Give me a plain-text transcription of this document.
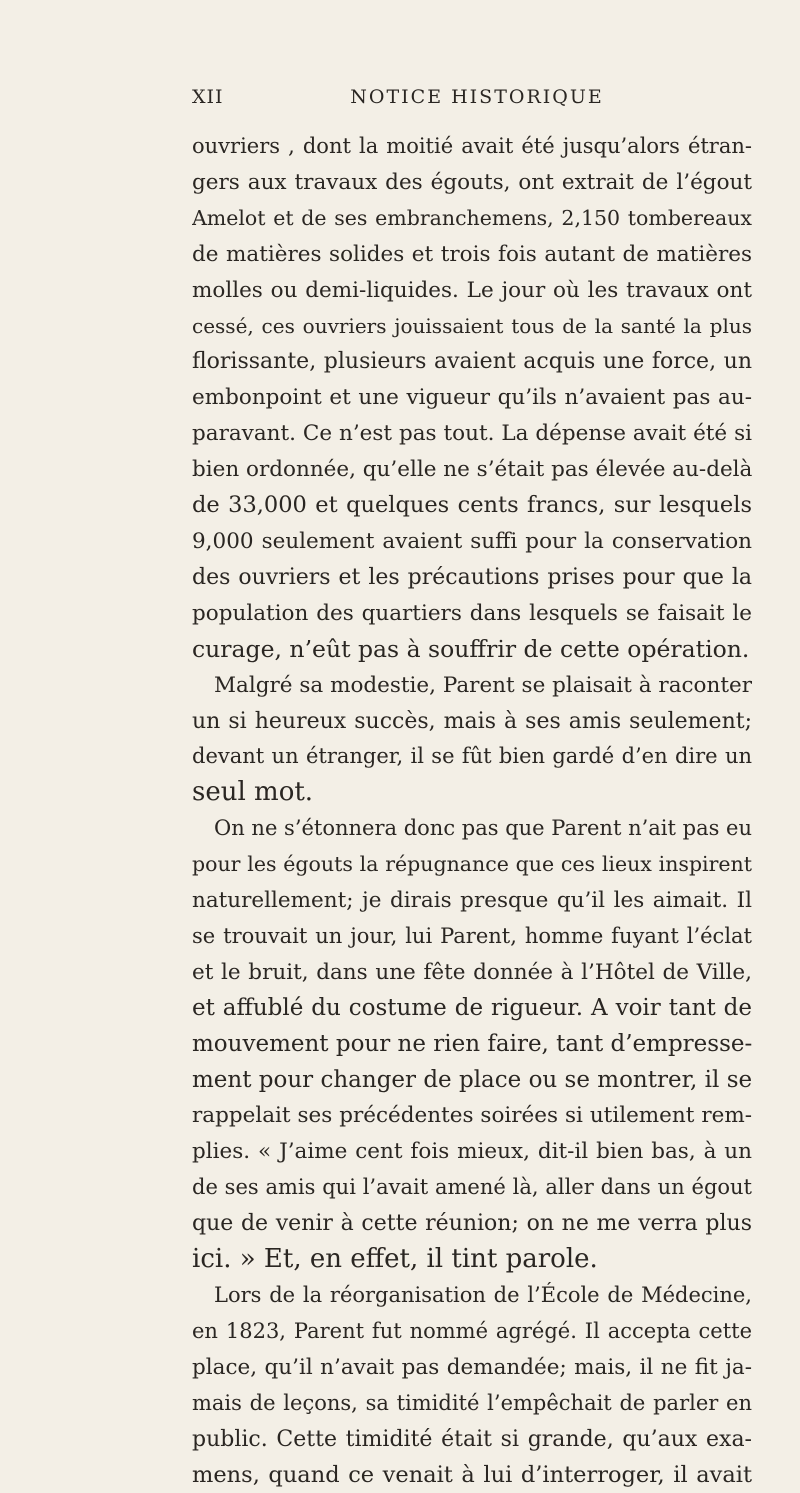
XII	NOTICE HISTORIQUE
ouvriers , dont la moitié avait été jusqu’alors étran-
gers aux travaux des égouts, ont extrait de l’égout
Amelot et de ses embranchemens, 2,150 tombereaux
de matières solides et trois fois autant de matières
molles ou demi-liquides. Le jour où les travaux ont
cessé, ces ouvriers jouissaient tous de la santé la plus
florissante, plusieurs avaient acquis une force, un
embonpoint et une vigueur qu’ils n’avaient pas au-
paravant. Ce n’est pas tout. La dépense avait été si
bien ordonnée, qu’elle ne s’était pas élevée au-delà
de 33,000 et quelques cents francs, sur lesquels
9,000 seulement avaient suffi pour la conservation
des ouvriers et les précautions prises pour que la
population des quartiers dans lesquels se faisait le
curage, n’eût pas à souffrir de cette opération.
Malgré sa modestie, Parent se plaisait à raconter
un si heureux succès, mais à ses amis seulement;
devant un étranger, il se fût bien gardé d’en dire un
seul mot.
On ne s’étonnera donc pas que Parent n’ait pas eu
pour les égouts la répugnance que ces lieux inspirent
naturellement; je dirais presque qu’il les aimait. Il
se trouvait un jour, lui Parent, homme fuyant l’éclat
et le bruit, dans une fête donnée à l’Hôtel de Ville,
et affublé du costume de rigueur. A voir tant de
mouvement pour ne rien faire, tant d’empresse-
ment pour changer de place ou se montrer, il se
rappelait ses précédentes soirées si utilement rem-
plies. « J’aime cent fois mieux, dit-il bien bas, à un
de ses amis qui l’avait amené là, aller dans un égout
que de venir à cette réunion; on ne me verra plus
ici. » Et, en effet, il tint parole.
Lors de la réorganisation de l’École de Médecine,
en 1823, Parent fut nommé agrégé. Il accepta cette
place, qu’il n’avait pas demandée; mais, il ne fit ja-
mais de leçons, sa timidité l’empêchait de parler en
public. Cette timidité était si grande, qu’aux exa-
mens, quand ce venait à lui d’interroger, il avait
